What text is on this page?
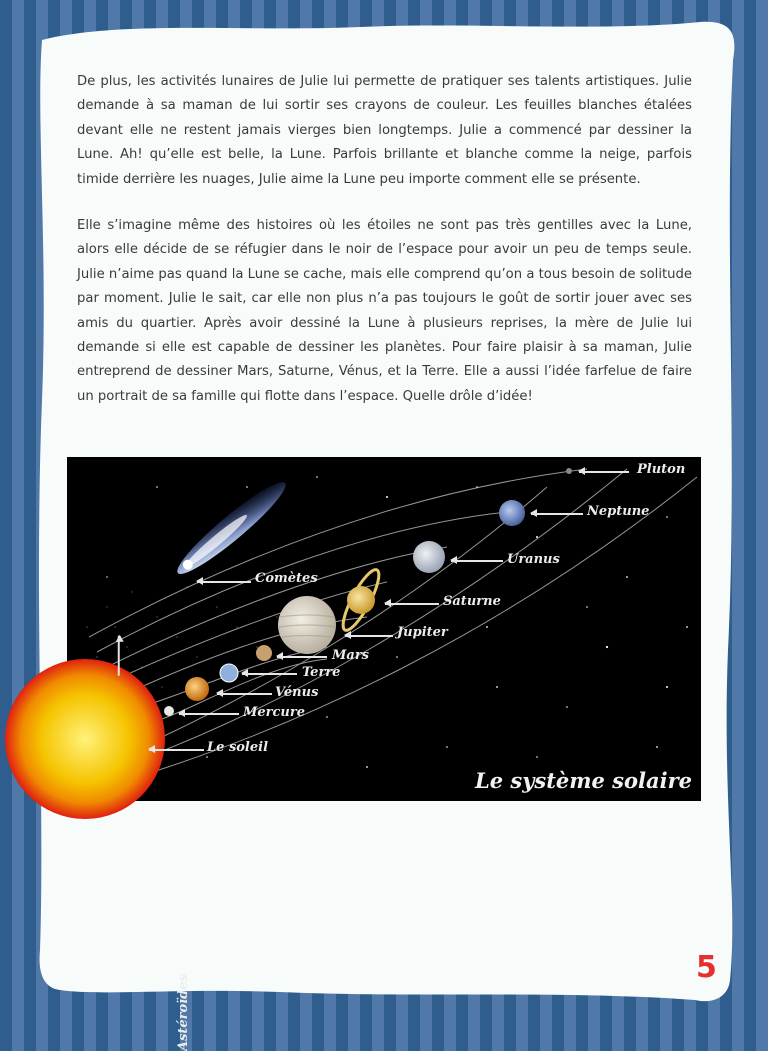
De plus, les activités lunaires de Julie lui permette de pratiquer ses talents artistiques. Julie demande à sa maman de lui sortir ses crayons de couleur. Les feuilles blanches étalées devant elle ne restent jamais vierges bien longtemps. Julie a commencé par dessiner la Lune. Ah! qu’elle est belle, la Lune. Parfois brillante et blanche comme la neige, parfois timide derrière les nuages, Julie aime la Lune peu importe comment elle se présente.

Elle s’imagine même des histoires où les étoiles ne sont pas très gentilles avec la Lune, alors elle décide de se réfugier dans le noir de l’espace pour avoir un peu de temps seule. Julie n’aime pas quand la Lune se cache, mais elle comprend qu’on a tous besoin de solitude par moment. Julie le sait, car elle non plus n’a pas toujours le goût de sortir jouer avec ses amis du quartier. Après avoir dessiné la Lune à plusieurs reprises, la mère de Julie lui demande si elle est capable de dessiner les planètes. Pour faire plaisir à sa maman, Julie entreprend de dessiner Mars, Saturne, Vénus, et la Terre. Elle a aussi l’idée farfelue de faire un portrait de sa famille qui flotte dans l’espace. Quelle drôle d’idée!

Pluton
Neptune
Uranus
Saturne
Jupiter
Mars
Terre
Vénus
Mercure
Le soleil
Comètes
Astéroïdes
Le système solaire
5
